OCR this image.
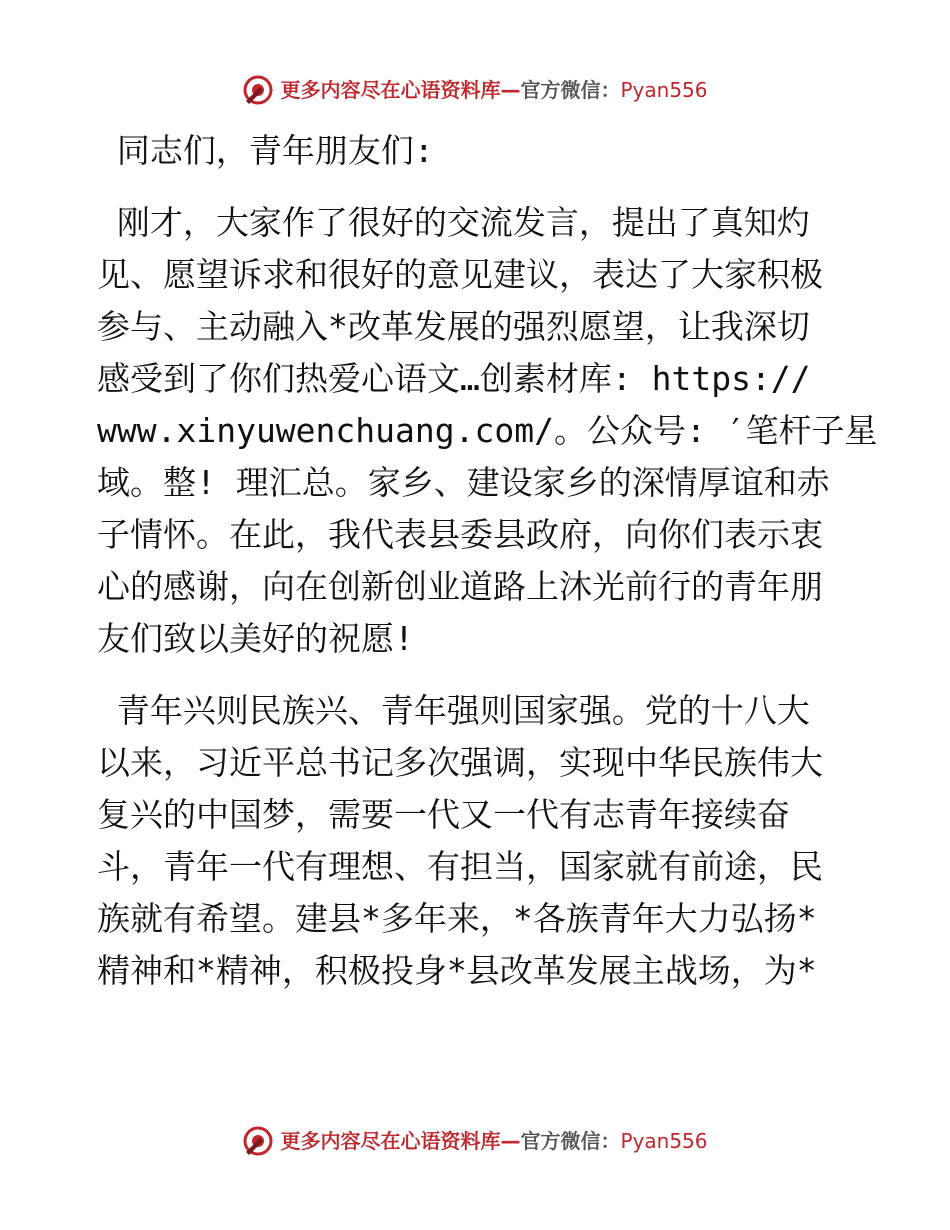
更多内容尽在心语资料库—官方微信：Pyan556
同志们，青年朋友们:
刚才，大家作了很好的交流发言，提出了真知灼
见、愿望诉求和很好的意见建议，表达了大家积极
参与、主动融入*改革发展的强烈愿望，让我深切
感受到了你们热爱心语文…创素材库: https://
www.xinyuwenchuang.com/。公众号: ′笔杆子星
域。整! 理汇总。家乡、建设家乡的深情厚谊和赤
子情怀。在此，我代表县委县政府，向你们表示衷
心的感谢，向在创新创业道路上沐光前行的青年朋
友们致以美好的祝愿!
青年兴则民族兴、青年强则国家强。党的十八大
以来，习近平总书记多次强调，实现中华民族伟大
复兴的中国梦，需要一代又一代有志青年接续奋
斗，青年一代有理想、有担当，国家就有前途，民
族就有希望。建县*多年来，*各族青年大力弘扬*
精神和*精神，积极投身*县改革发展主战场，为*
更多内容尽在心语资料库—官方微信：Pyan556
